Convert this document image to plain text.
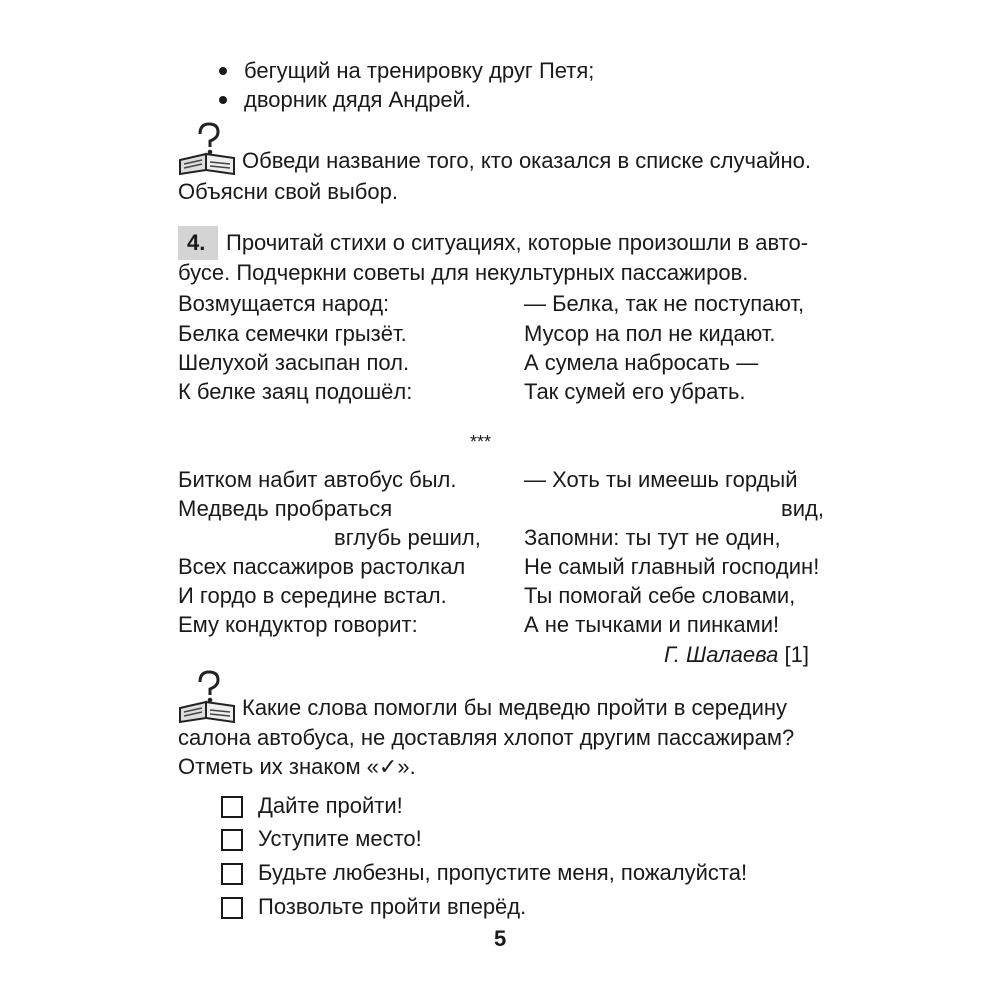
бегущий на тренировку друг Петя;
дворник дядя Андрей.
Обведи название того, кто оказался в списке случайно.
Объясни свой выбор.
4. Прочитай стихи о ситуациях, которые произошли в авто-
бусе. Подчеркни советы для некультурных пассажиров.
Возмущается народ:
Белка семечки грызёт.
Шелухой засыпан пол.
К белке заяц подошёл:
— Белка, так не поступают,
Мусор на пол не кидают.
А сумела набросать —
Так сумей его убрать.
***
Битком набит автобус был.
Медведь пробраться
вглубь решил,
Всех пассажиров растолкал
И гордо в середине встал.
Ему кондуктор говорит:
— Хоть ты имеешь гордый
вид,
Запомни: ты тут не один,
Не самый главный господин!
Ты помогай себе словами,
А не тычками и пинками!
Г. Шалаева [1]
Какие слова помогли бы медведю пройти в середину
салона автобуса, не доставляя хлопот другим пассажирам?
Отметь их знаком «✓».
Дайте пройти!
Уступите место!
Будьте любезны, пропустите меня, пожалуйста!
Позвольте пройти вперёд.
5
